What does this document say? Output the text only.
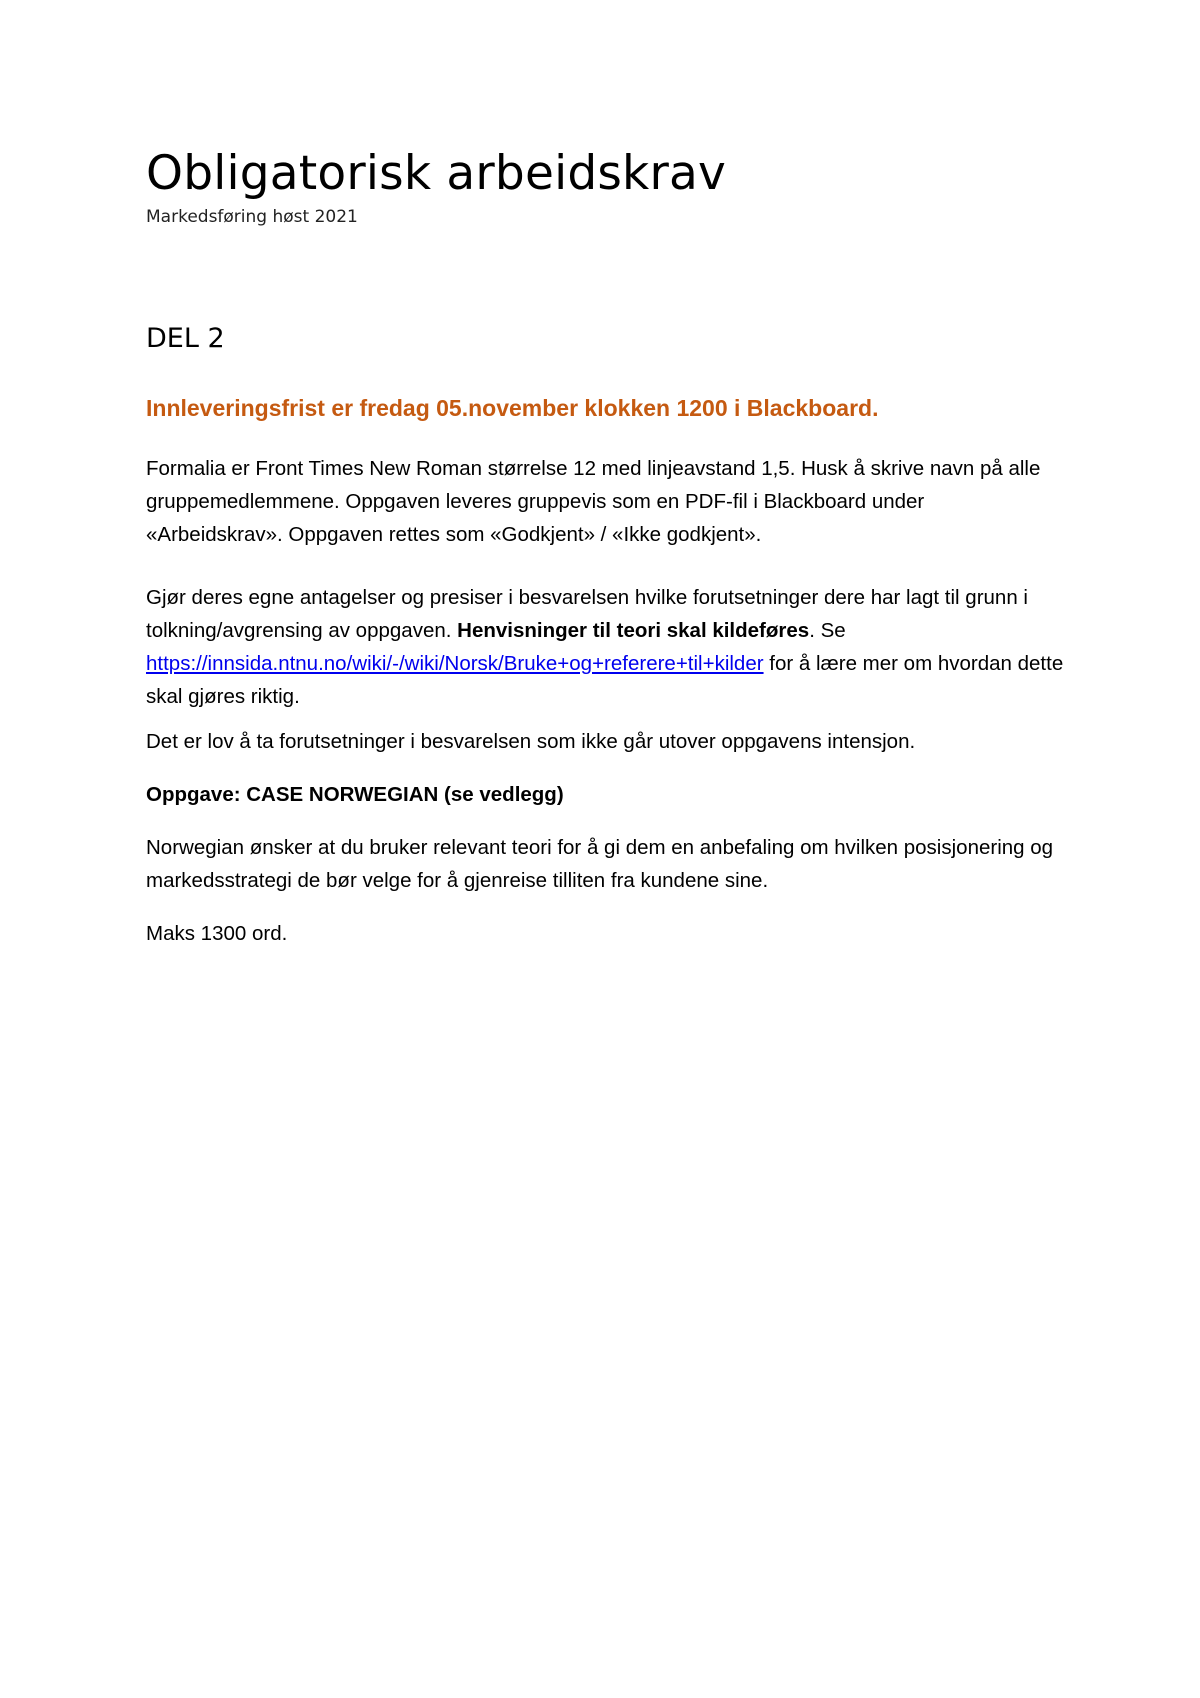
Obligatorisk arbeidskrav

Markedsføring høst 2021

DEL 2

Innleveringsfrist er fredag 05.november klokken 1200 i Blackboard.

Formalia er Front Times New Roman størrelse 12 med linjeavstand 1,5. Husk å skrive navn på alle gruppemedlemmene. Oppgaven leveres gruppevis som en PDF-fil i Blackboard under «Arbeidskrav». Oppgaven rettes som «Godkjent» / «Ikke godkjent».

Gjør deres egne antagelser og presiser i besvarelsen hvilke forutsetninger dere har lagt til grunn i tolkning/avgrensing av oppgaven. Henvisninger til teori skal kildeføres. Se https://innsida.ntnu.no/wiki/-/wiki/Norsk/Bruke+og+referere+til+kilder for å lære mer om hvordan dette skal gjøres riktig.

Det er lov å ta forutsetninger i besvarelsen som ikke går utover oppgavens intensjon.

Oppgave: CASE NORWEGIAN (se vedlegg)

Norwegian ønsker at du bruker relevant teori for å gi dem en anbefaling om hvilken posisjonering og markedsstrategi de bør velge for å gjenreise tilliten fra kundene sine.

Maks 1300 ord.
